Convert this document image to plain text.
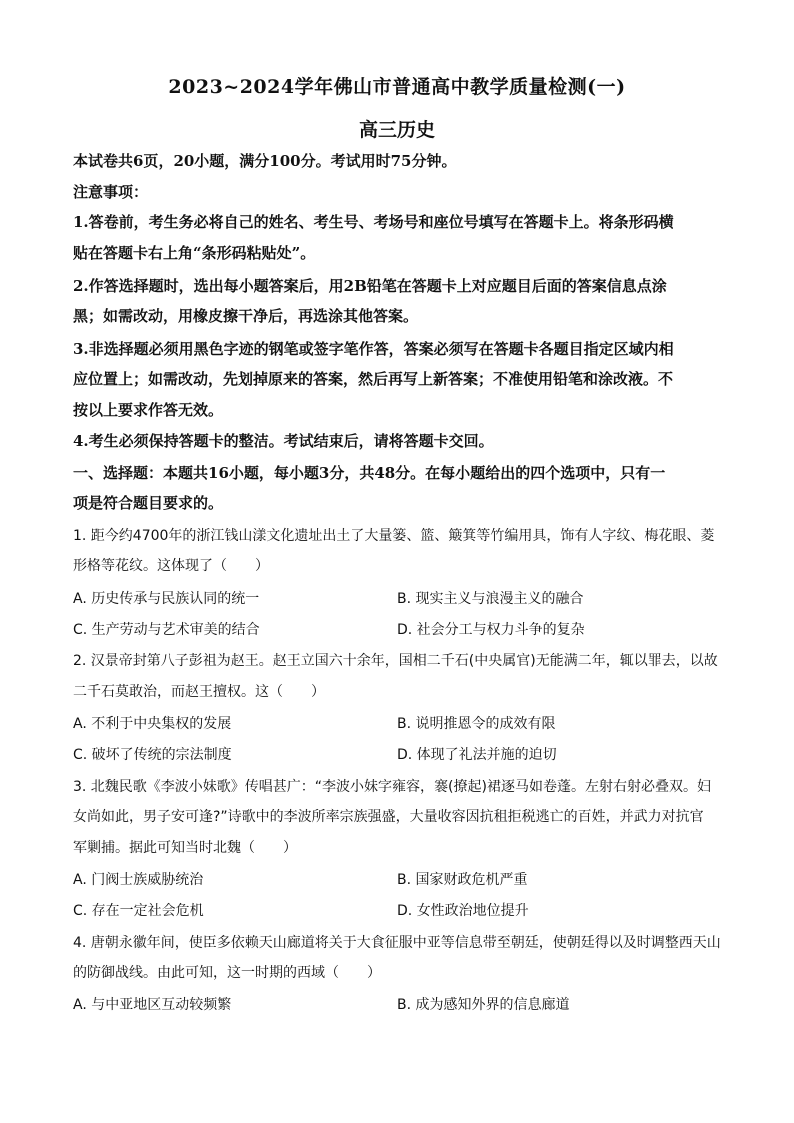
2023~2024学年佛山市普通高中教学质量检测(一)
高三历史
本试卷共6页，20小题，满分100分。考试用时75分钟。
注意事项：
1.答卷前，考生务必将自己的姓名、考生号、考场号和座位号填写在答题卡上。将条形码横
贴在答题卡右上角“条形码粘贴处”。
2.作答选择题时，选出每小题答案后，用2B铅笔在答题卡上对应题目后面的答案信息点涂
黑；如需改动，用橡皮擦干净后，再选涂其他答案。
3.非选择题必须用黑色字迹的钢笔或签字笔作答，答案必须写在答题卡各题目指定区域内相
应位置上；如需改动，先划掉原来的答案，然后再写上新答案；不准使用铅笔和涂改液。不
按以上要求作答无效。
4.考生必须保持答题卡的整洁。考试结束后，请将答题卡交回。
一、选择题：本题共16小题，每小题3分，共48分。在每小题给出的四个选项中，只有一
项是符合题目要求的。
1. 距今约4700年的浙江钱山漾文化遗址出土了大量篓、篮、簸箕等竹编用具，饰有人字纹、梅花眼、菱
形格等花纹。这体现了（　　）
A. 历史传承与民族认同的统一	B. 现实主义与浪漫主义的融合
C. 生产劳动与艺术审美的结合	D. 社会分工与权力斗争的复杂
2. 汉景帝封第八子彭祖为赵王。赵王立国六十余年，国相二千石(中央属官)无能满二年，辄以罪去，以故
二千石莫敢治，而赵王擅权。这（　　）
A. 不利于中央集权的发展	B. 说明推恩令的成效有限
C. 破坏了传统的宗法制度	D. 体现了礼法并施的迫切
3. 北魏民歌《李波小妹歌》传唱甚广：“李波小妹字雍容，褰(撩起)裙逐马如卷蓬。左射右射必叠双。妇
女尚如此，男子安可逢?”诗歌中的李波所率宗族强盛，大量收容因抗租拒税逃亡的百姓，并武力对抗官
军剿捕。据此可知当时北魏（　　）
A. 门阀士族威胁统治	B. 国家财政危机严重
C. 存在一定社会危机	D. 女性政治地位提升
4. 唐朝永徽年间，使臣多依赖天山廊道将关于大食征服中亚等信息带至朝廷，使朝廷得以及时调整西天山
的防御战线。由此可知，这一时期的西域（　　）
A. 与中亚地区互动较频繁	B. 成为感知外界的信息廊道
